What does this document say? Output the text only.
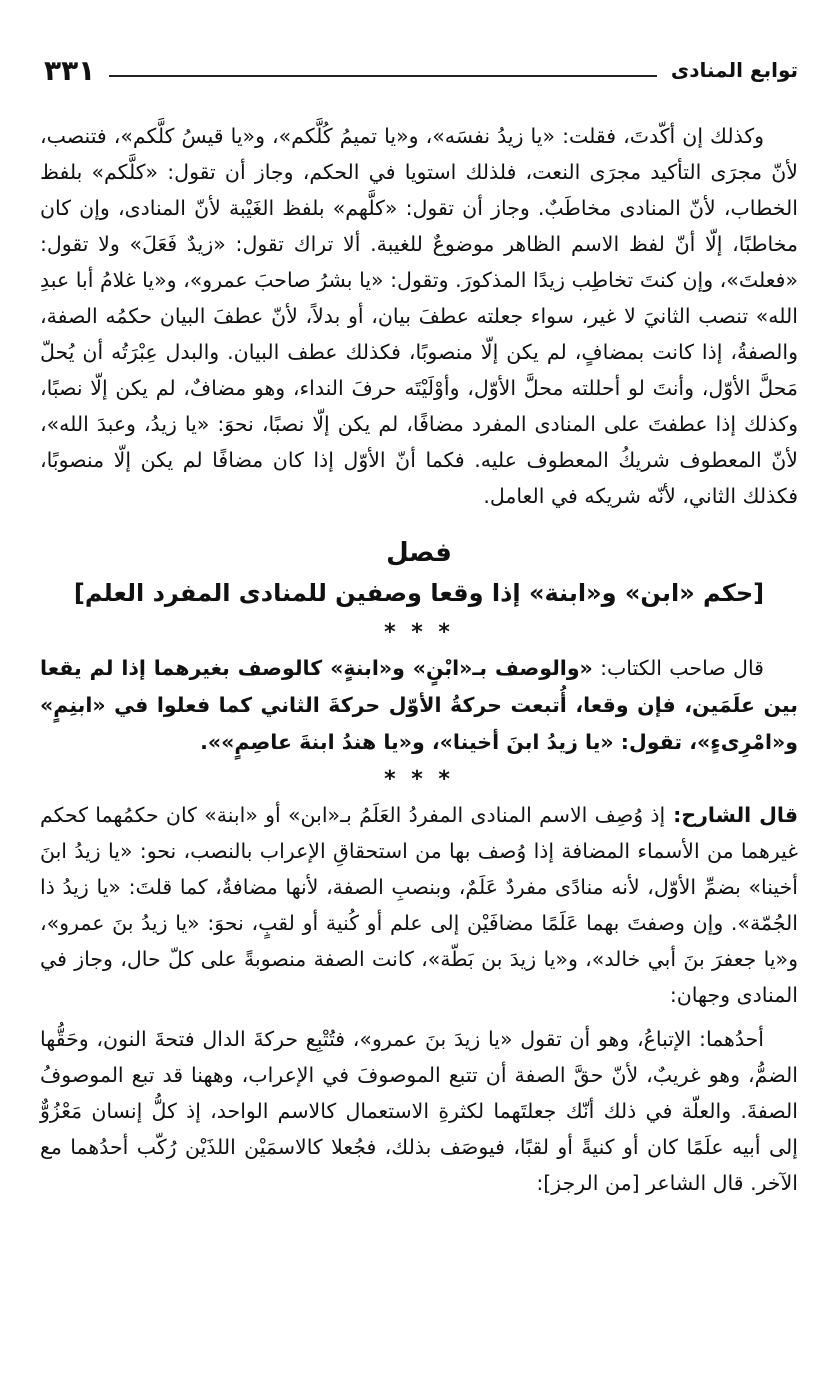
توابع المنادى
٣٣١

وكذلك إن أكّدتَ، فقلت: «يا زيدُ نفسَه»، و«يا تميمُ كُلَّكم»، و«يا قيسُ كلَّكم»، فتنصب، لأنّ مجرَى التأكيد مجرَى النعت، فلذلك استويا في الحكم، وجاز أن تقول: «كلَّكم» بلفظ الخطاب، لأنّ المنادى مخاطَبٌ. وجاز أن تقول: «كلَّهم» بلفظ الغَيْبة لأنّ المنادى، وإن كان مخاطبًا، إلّا أنّ لفظ الاسم الظاهر موضوعٌ للغيبة. ألا تراك تقول: «زيدٌ فَعَلَ» ولا تقول: «فعلتَ»، وإن كنتَ تخاطِب زيدًا المذكورَ. وتقول: «يا بشرُ صاحبَ عمرو»، و«يا غلامُ أبا عبدِ الله» تنصب الثانيَ لا غير، سواء جعلته عطفَ بيان، أو بدلاً، لأنّ عطفَ البيان حكمُه الصفة، والصفةُ، إذا كانت بمضافٍ، لم يكن إلّا منصوبًا، فكذلك عطف البيان. والبدل عِبْرَتُه أن يُحلّ مَحلَّ الأوّل، وأنتَ لو أحللته محلَّ الأوّل، وأوْلَيْتَه حرفَ النداء، وهو مضافٌ، لم يكن إلّا نصبًا، وكذلك إذا عطفتَ على المنادى المفرد مضافًا، لم يكن إلّا نصبًا، نحوَ: «يا زيدُ، وعبدَ الله»، لأنّ المعطوف شريكُ المعطوف عليه. فكما أنّ الأوّل إذا كان مضافًا لم يكن إلّا منصوبًا، فكذلك الثاني، لأنّه شريكه في العامل.

فصل
[حكم «ابن» و«ابنة» إذا وقعا وصفين للمنادى المفرد العلم]
* * *

قال صاحب الكتاب: «والوصف بـ«ابْنٍ» و«ابنةٍ» كالوصف بغيرهما إذا لم يقعا بين علَمَين، فإن وقعا، أُتبعت حركةُ الأوّل حركةَ الثاني كما فعلوا في «ابنِمٍ» و«امْرِىءٍ»، تقول: «يا زيدُ ابنَ أخينا»، و«يا هندُ ابنةَ عاصِمٍ»».

* * *

قال الشارح: إذ وُصِف الاسم المنادى المفردُ العَلَمُ بـ«ابن» أو «ابنة» كان حكمُهما كحكم غيرهما من الأسماء المضافة إذا وُصف بها من استحقاقِ الإعراب بالنصب، نحو: «يا زيدُ ابنَ أخينا» بضمِّ الأوّل، لأنه منادًى مفردٌ عَلَمٌ، وبنصبِ الصفة، لأنها مضافةٌ، كما قلتَ: «يا زيدُ ذا الجُمّة». وإن وصفتَ بهما عَلَمًا مضافَيْن إلى علم أو كُنية أو لقبٍ، نحوَ: «يا زيدُ بنَ عمرو»، و«يا جعفرَ بنَ أبي خالد»، و«يا زيدَ بن بَطّة»، كانت الصفة منصوبةً على كلّ حال، وجاز في المنادى وجهان:

أحدُهما: الإتباعُ، وهو أن تقول «يا زيدَ بنَ عمرو»، فتُتْبِع حركةَ الدال فتحةَ النون، وحَقُّها الضمُّ، وهو غريبٌ، لأنّ حقَّ الصفة أن تتبع الموصوفَ في الإعراب، وههنا قد تبع الموصوفُ الصفةَ. والعلّة في ذلك أنّك جعلتَهما لكثرةِ الاستعمال كالاسم الواحد، إذ كلُّ إنسان مَعْزُوٌّ إلى أبيه علَمًا كان أو كنيةً أو لقبًا، فيوصَف بذلك، فجُعلا كالاسمَيْن اللذَيْن رُكّب أحدُهما مع الآخر. قال الشاعر [من الرجز]:
